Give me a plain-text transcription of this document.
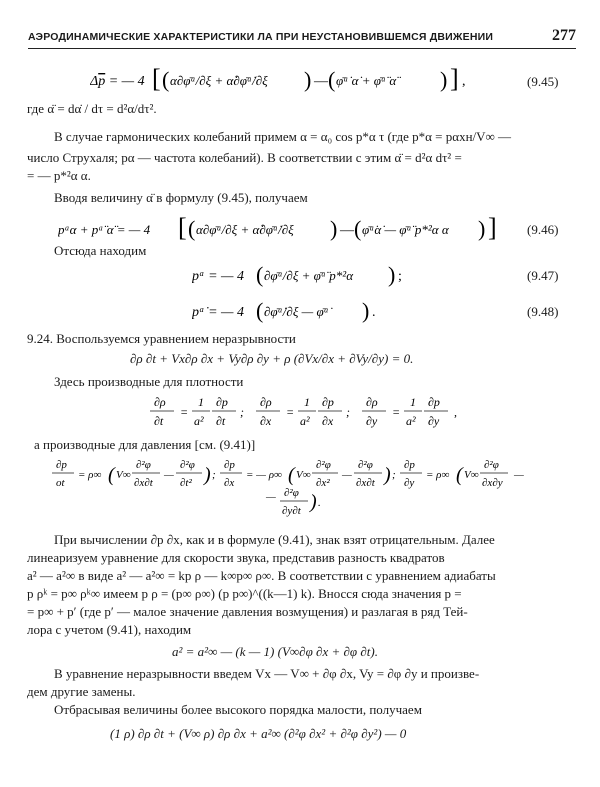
АЭРОДИНАМИЧЕСКИЕ ХАРАКТЕРИСТИКИ ЛА ПРИ НЕУСТАНОВИВШЕМСЯ ДВИЖЕНИИ	277
Δp = — 4 [ ( α∂φ̄ᵃ/∂ξ + α̇∂φ̄ᵃ̇/∂ξ ) — ( φ̄ᵃ̇ α̇ + φ̄ᵃ̈ α̈ ) ] ,	(9.45)
где α̈ = dα̇ / dτ = d²α/dτ².
В случае гармонических колебаний примем α = α₀ cos p*α τ (где p*α = pαxн/V∞ —
число Струхаля; pα — частота колебаний). В соответствии с этим α̈ = d²α dτ² =
= — p*²α α.
Вводя величину α̈ в формулу (9.45), получаем
pᵃα + pᵃ̈ α̈ = — 4 [ ( α∂φ̄ᵃ/∂ξ + α̇∂φ̄ᵃ̇/∂ξ ) — ( φ̄ᵃ̇α̇ — φ̄ᵃ̈ p*²α α ) ] (9.46)
Отсюда находим
pᵃ = — 4 ( ∂φ̄ᵃ/∂ξ + φ̄ᵃ̈ p*²α ) ;	(9.47)
pᵃ̇ = — 4 ( ∂φ̄ᵃ̇/∂ξ — φ̄ᵃ̇ ) .	(9.48)
9.24. Воспользуемся уравнением неразрывности
∂ρ ∂t + Vx∂ρ ∂x + Vy∂ρ ∂y + ρ (∂Vx/∂x + ∂Vy/∂y) = 0.
Здесь производные для плотности
∂ρ
∂t
=
1
a²
∂p
∂t
;
∂ρ
∂x
=
1
a²
∂p
∂x
;
∂ρ
∂y
=
1
a²
∂p
∂y
,
а производные для давления [см. (9.41)]
∂p
ot
= ρ∞ ( V∞
∂²φ
∂x∂t
—
∂²φ
∂t² ) ;
∂p
∂x
= — ρ∞ ( V∞
∂²φ
∂x²
—
∂²φ
∂x∂t ) ;
∂p
∂y
= ρ∞ ( V∞
∂²φ
∂x∂y
—
— ∂²φ
∂y∂t ) .
При вычислении ∂p ∂x, как и в формуле (9.41), знак взят отрицательным. Далее
линеаризуем уравнение для скорости звука, представив разность квадратов
a² — a²∞ в виде a² — a²∞ = kp ρ — k∞p∞ ρ∞. В соответствии с уравнением адиабаты
p ρᵏ = p∞ ρᵏ∞ имеем p ρ = (p∞ ρ∞) (p p∞)^((k—1) k). Вносся сюда значения p =
= p∞ + p′ (где p′ — малое значение давления возмущения) и разлагая в ряд Тей-
лора с учетом (9.41), находим
a² = a²∞ — (k — 1) (V∞∂φ ∂x + ∂φ ∂t).
В уравнение неразрывности введем Vx — V∞ + ∂φ ∂x, Vy = ∂φ ∂y и произве-
дем другие замены.
Отбрасывая величины более высокого порядка малости, получаем
(1 ρ) ∂ρ ∂t + (V∞ ρ) ∂ρ ∂x + a²∞ (∂²φ ∂x² + ∂²φ ∂y²) — 0
